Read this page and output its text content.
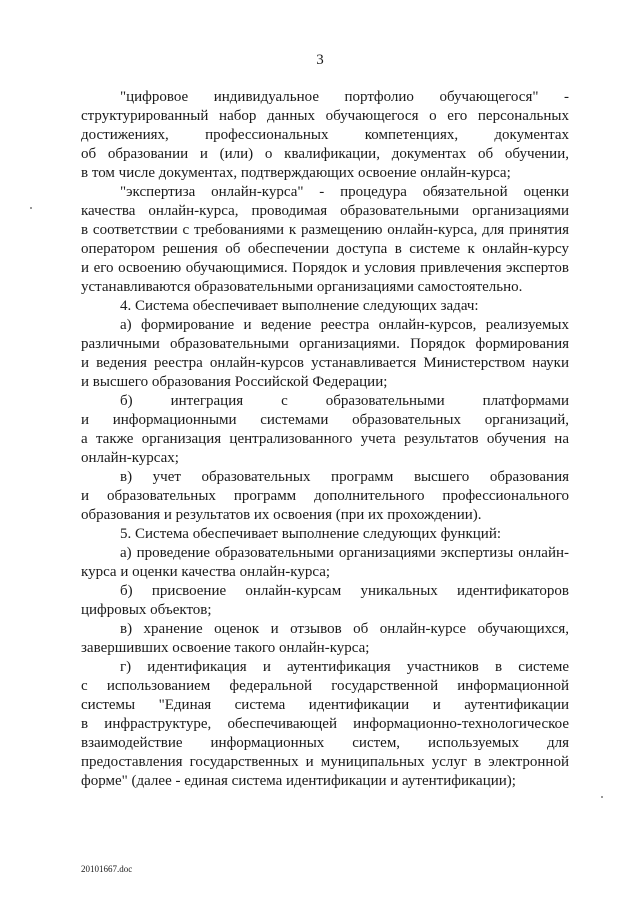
3
"цифровое индивидуальное портфолио обучающегося" -
структурированный набор данных обучающегося о его персональных
достижениях, профессиональных компетенциях, документах
об образовании и (или) о квалификации, документах об обучении,
в том числе документах, подтверждающих освоение онлайн-курса;
"экспертиза онлайн-курса" - процедура обязательной оценки
качества онлайн-курса, проводимая образовательными организациями
в соответствии с требованиями к размещению онлайн-курса, для принятия
оператором решения об обеспечении доступа в системе к онлайн-курсу
и его освоению обучающимися. Порядок и условия привлечения экспертов
устанавливаются образовательными организациями самостоятельно.
4. Система обеспечивает выполнение следующих задач:
а) формирование и ведение реестра онлайн-курсов, реализуемых
различными образовательными организациями. Порядок формирования
и ведения реестра онлайн-курсов устанавливается Министерством науки
и высшего образования Российской Федерации;
б) интеграция с образовательными платформами
и информационными системами образовательных организаций,
а также организация централизованного учета результатов обучения на
онлайн-курсах;
в) учет образовательных программ высшего образования
и образовательных программ дополнительного профессионального
образования и результатов их освоения (при их прохождении).
5. Система обеспечивает выполнение следующих функций:
а) проведение образовательными организациями экспертизы онлайн-
курса и оценки качества онлайн-курса;
б) присвоение онлайн-курсам уникальных идентификаторов
цифровых объектов;
в) хранение оценок и отзывов об онлайн-курсе обучающихся,
завершивших освоение такого онлайн-курса;
г) идентификация и аутентификация участников в системе
с использованием федеральной государственной информационной
системы "Единая система идентификации и аутентификации
в инфраструктуре, обеспечивающей информационно-технологическое
взаимодействие информационных систем, используемых для
предоставления государственных и муниципальных услуг в электронной
форме" (далее - единая система идентификации и аутентификации);
20101667.doc
